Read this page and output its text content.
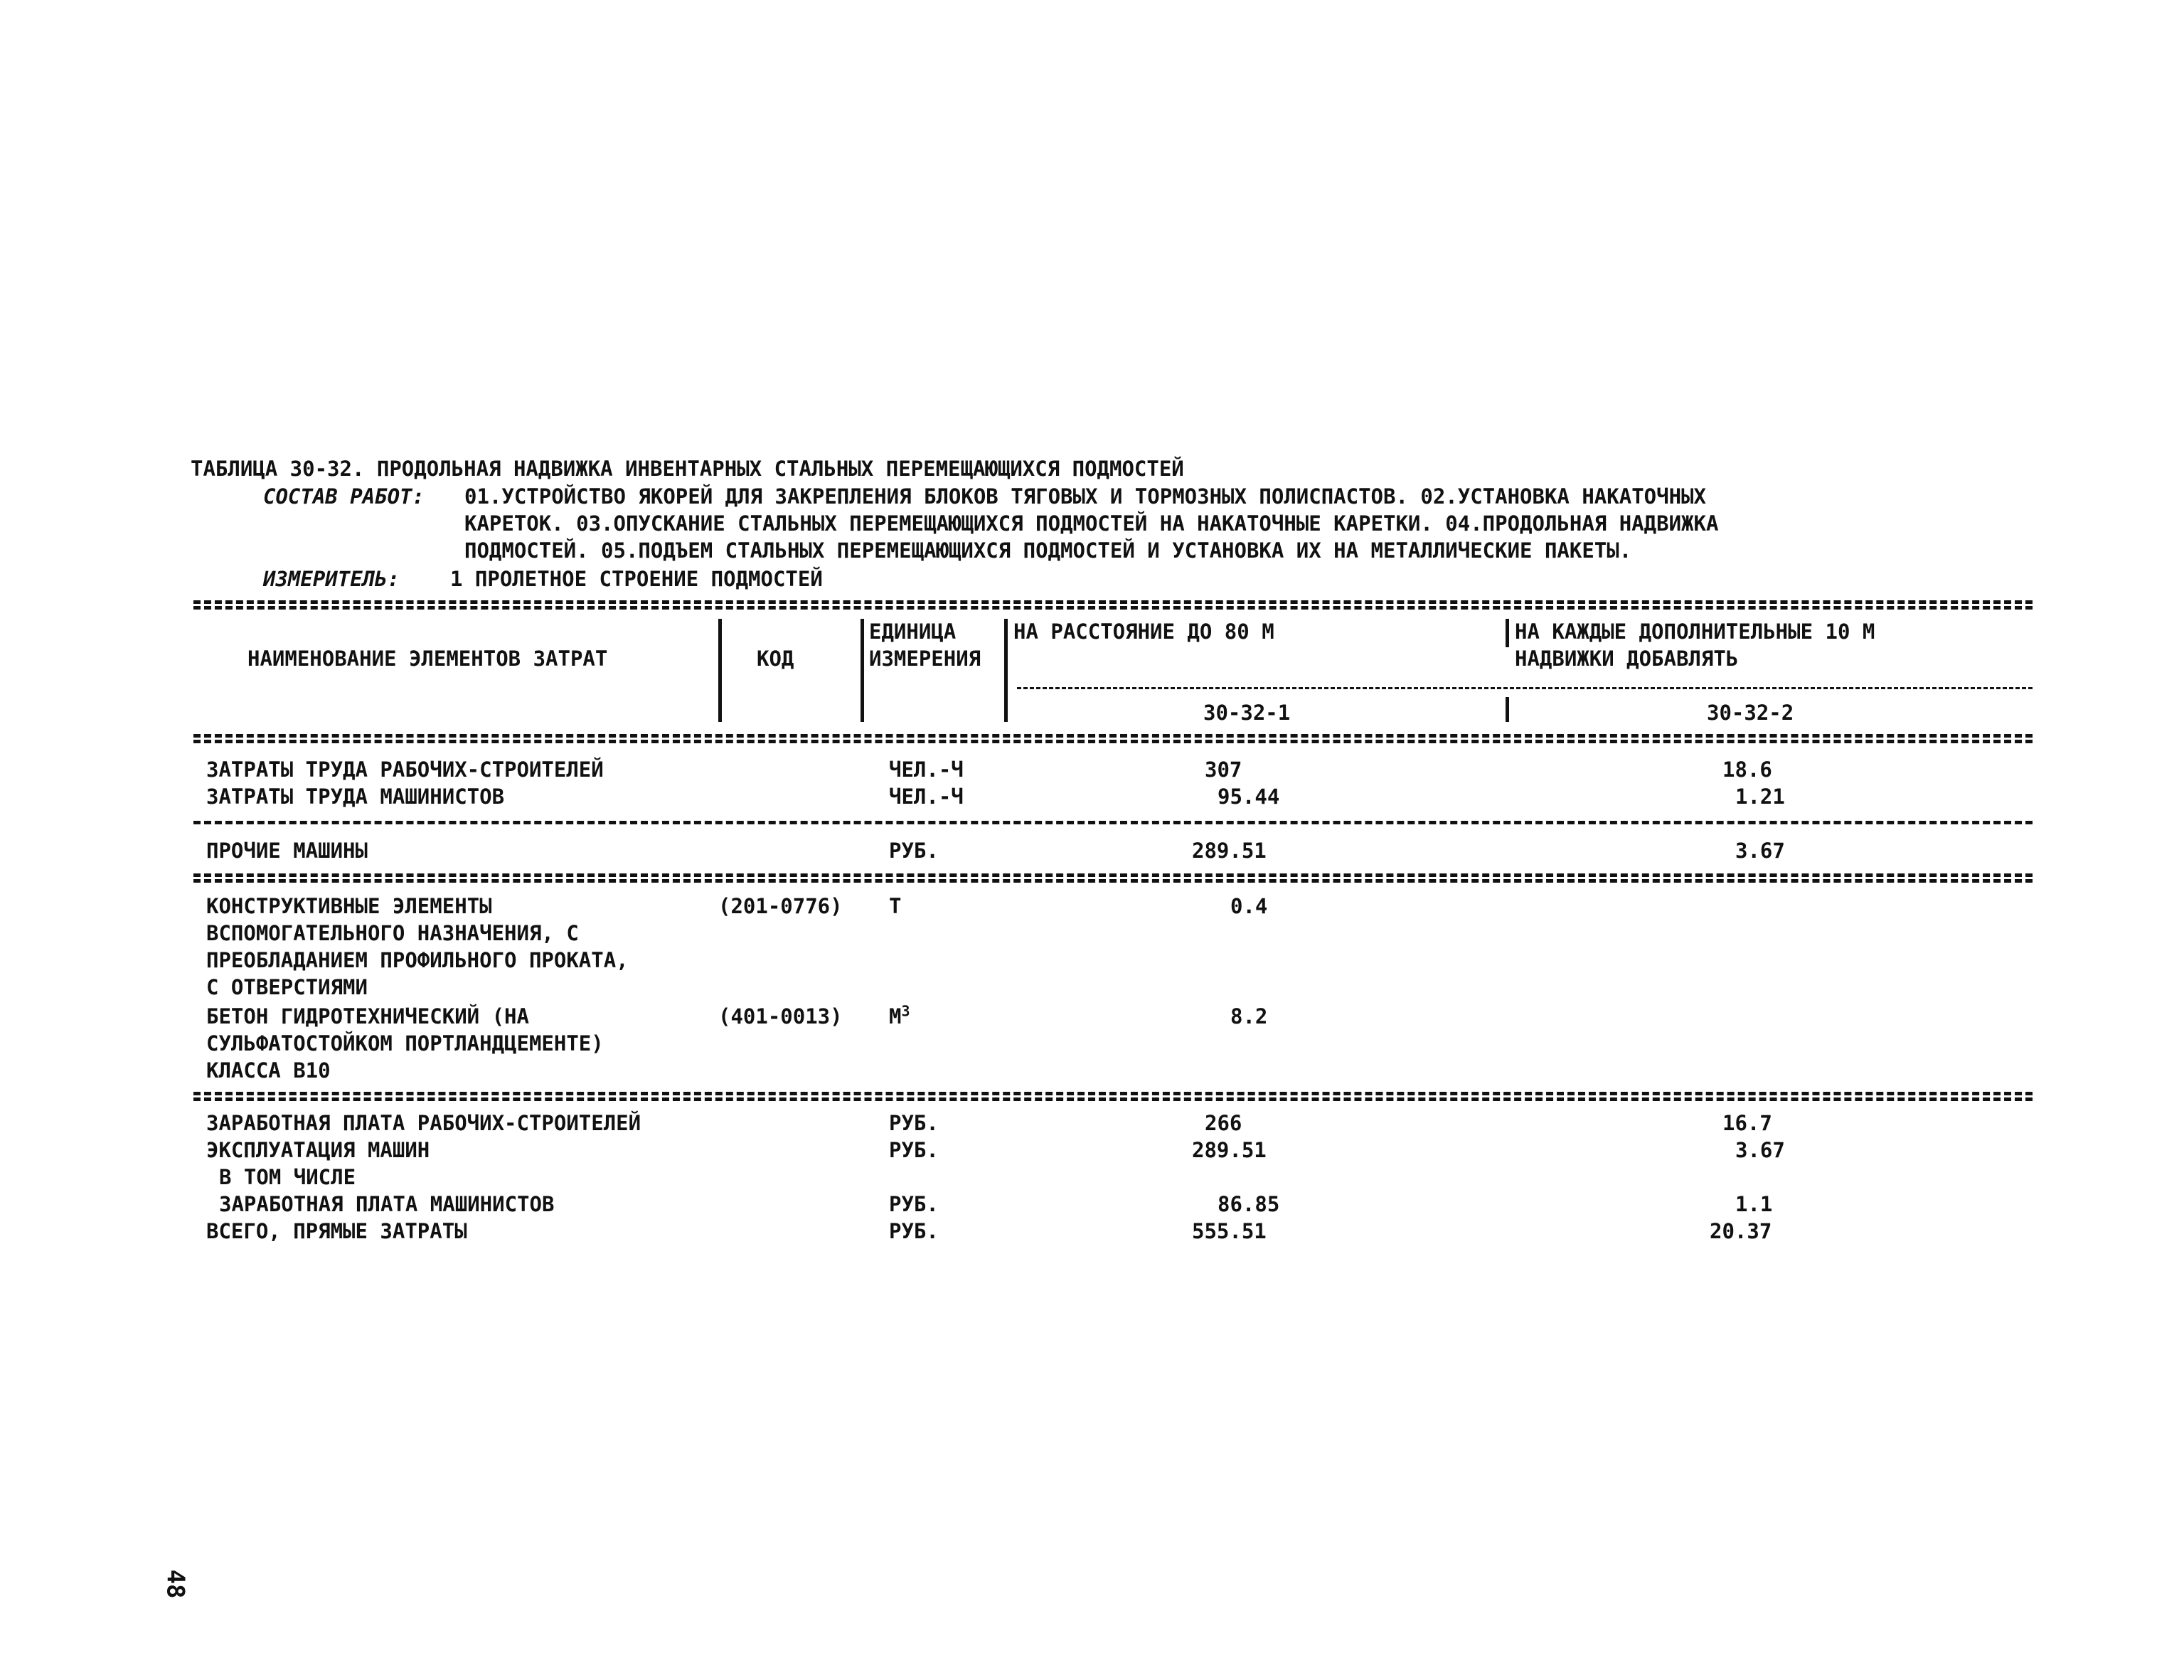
ТАБЛИЦА 30-32. ПРОДОЛЬНАЯ НАДВИЖКА ИНВЕНТАРНЫХ СТАЛЬНЫХ ПЕРЕМЕЩАЮЩИХСЯ ПОДМОСТЕЙ
СОСТАВ РАБОТ: 01.УСТРОЙСТВО ЯКОРЕЙ ДЛЯ ЗАКРЕПЛЕНИЯ БЛОКОВ ТЯГОВЫХ И ТОРМОЗНЫХ ПОЛИСПАСТОВ. 02.УСТАНОВКА НАКАТОЧНЫХ
КАРЕТОК. 03.ОПУСКАНИЕ СТАЛЬНЫХ ПЕРЕМЕЩАЮЩИХСЯ ПОДМОСТЕЙ НА НАКАТОЧНЫЕ КАРЕТКИ. 04.ПРОДОЛЬНАЯ НАДВИЖКА
ПОДМОСТЕЙ. 05.ПОДЪЕМ СТАЛЬНЫХ ПЕРЕМЕЩАЮЩИХСЯ ПОДМОСТЕЙ И УСТАНОВКА ИХ НА МЕТАЛЛИЧЕСКИЕ ПАКЕТЫ.
ИЗМЕРИТЕЛЬ: 1 ПРОЛЕТНОЕ СТРОЕНИЕ ПОДМОСТЕЙ
НАИМЕНОВАНИЕ ЭЛЕМЕНТОВ ЗАТРАТ	КОД
ЕДИНИЦА
ИЗМЕРЕНИЯ
НА РАССТОЯНИЕ ДО 80 М	НА КАЖДЫЕ ДОПОЛНИТЕЛЬНЫЕ 10 М
НАДВИЖКИ ДОБАВЛЯТЬ
30-32-1	30-32-2
ЗАТРАТЫ ТРУДА РАБОЧИХ-СТРОИТЕЛЕЙ	ЧЕЛ.-Ч	307	18.6
ЗАТРАТЫ ТРУДА МАШИНИСТОВ	ЧЕЛ.-Ч	95.44	1.21
ПРОЧИЕ МАШИНЫ	РУБ.	289.51	3.67
КОНСТРУКТИВНЫЕ ЭЛЕМЕНТЫ
ВСПОМОГАТЕЛЬНОГО НАЗНАЧЕНИЯ, С
ПРЕОБЛАДАНИЕМ ПРОФИЛЬНОГО ПРОКАТА,
С ОТВЕРСТИЯМИ
(201-0776) Т	0.4
БЕТОН ГИДРОТЕХНИЧЕСКИЙ (НА
СУЛЬФАТОСТОЙКОМ ПОРТЛАНДЦЕМЕНТЕ)
КЛАССА В10
(401-0013) $М^3$	8.2
ЗАРАБОТНАЯ ПЛАТА РАБОЧИХ-СТРОИТЕЛЕЙ	РУБ.	266	16.7
ЭКСПЛУАТАЦИЯ МАШИН	РУБ.	289.51	3.67
В ТОМ ЧИСЛЕ
ЗАРАБОТНАЯ ПЛАТА МАШИНИСТОВ	РУБ.	86.85	1.1
ВСЕГО, ПРЯМЫЕ ЗАТРАТЫ	РУБ.	555.51	20.37
48
